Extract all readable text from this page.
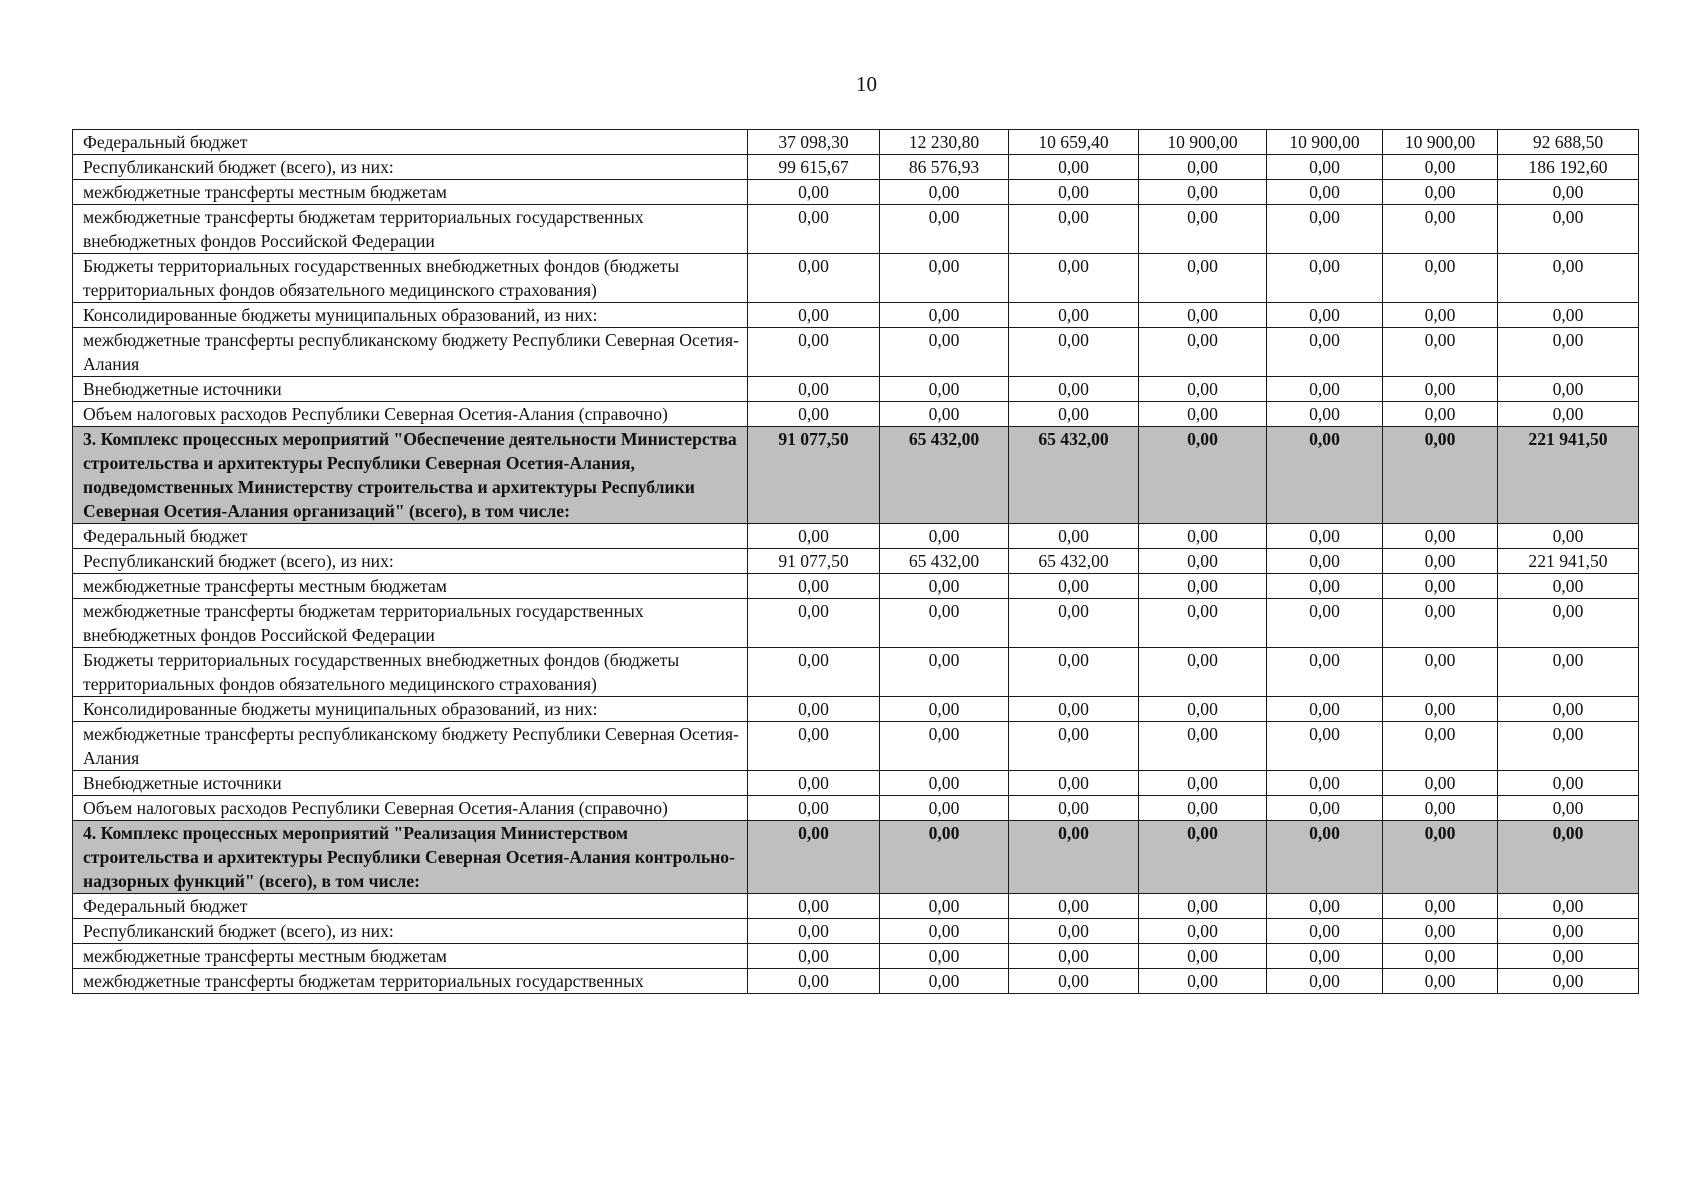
10
Федеральный бюджет	37 098,30	12 230,80	10 659,40	10 900,00	10 900,00	10 900,00	92 688,50
Республиканский бюджет (всего), из них:	99 615,67	86 576,93	0,00	0,00	0,00	0,00	186 192,60
межбюджетные трансферты местным бюджетам	0,00	0,00	0,00	0,00	0,00	0,00	0,00
межбюджетные трансферты бюджетам территориальных государственных внебюджетных фондов Российской Федерации	0,00	0,00	0,00	0,00	0,00	0,00	0,00
Бюджеты территориальных государственных внебюджетных фондов (бюджеты территориальных фондов обязательного медицинского страхования)	0,00	0,00	0,00	0,00	0,00	0,00	0,00
Консолидированные бюджеты муниципальных образований, из них:	0,00	0,00	0,00	0,00	0,00	0,00	0,00
межбюджетные трансферты республиканскому бюджету Республики Северная Осетия-Алания	0,00	0,00	0,00	0,00	0,00	0,00	0,00
Внебюджетные источники	0,00	0,00	0,00	0,00	0,00	0,00	0,00
Объем налоговых расходов Республики Северная Осетия-Алания (справочно)	0,00	0,00	0,00	0,00	0,00	0,00	0,00
3. Комплекс процессных мероприятий "Обеспечение деятельности Министерства строительства и архитектуры Республики Северная Осетия-Алания, подведомственных Министерству строительства и архитектуры Республики Северная Осетия-Алания организаций" (всего), в том числе:	91 077,50	65 432,00	65 432,00	0,00	0,00	0,00	221 941,50
Федеральный бюджет	0,00	0,00	0,00	0,00	0,00	0,00	0,00
Республиканский бюджет (всего), из них:	91 077,50	65 432,00	65 432,00	0,00	0,00	0,00	221 941,50
межбюджетные трансферты местным бюджетам	0,00	0,00	0,00	0,00	0,00	0,00	0,00
межбюджетные трансферты бюджетам территориальных государственных внебюджетных фондов Российской Федерации	0,00	0,00	0,00	0,00	0,00	0,00	0,00
Бюджеты территориальных государственных внебюджетных фондов (бюджеты территориальных фондов обязательного медицинского страхования)	0,00	0,00	0,00	0,00	0,00	0,00	0,00
Консолидированные бюджеты муниципальных образований, из них:	0,00	0,00	0,00	0,00	0,00	0,00	0,00
межбюджетные трансферты республиканскому бюджету Республики Северная Осетия-Алания	0,00	0,00	0,00	0,00	0,00	0,00	0,00
Внебюджетные источники	0,00	0,00	0,00	0,00	0,00	0,00	0,00
Объем налоговых расходов Республики Северная Осетия-Алания (справочно)	0,00	0,00	0,00	0,00	0,00	0,00	0,00
4. Комплекс процессных мероприятий "Реализация Министерством строительства и архитектуры Республики Северная Осетия-Алания контрольно-надзорных функций" (всего), в том числе:	0,00	0,00	0,00	0,00	0,00	0,00	0,00
Федеральный бюджет	0,00	0,00	0,00	0,00	0,00	0,00	0,00
Республиканский бюджет (всего), из них:	0,00	0,00	0,00	0,00	0,00	0,00	0,00
межбюджетные трансферты местным бюджетам	0,00	0,00	0,00	0,00	0,00	0,00	0,00
межбюджетные трансферты бюджетам территориальных государственных	0,00	0,00	0,00	0,00	0,00	0,00	0,00
